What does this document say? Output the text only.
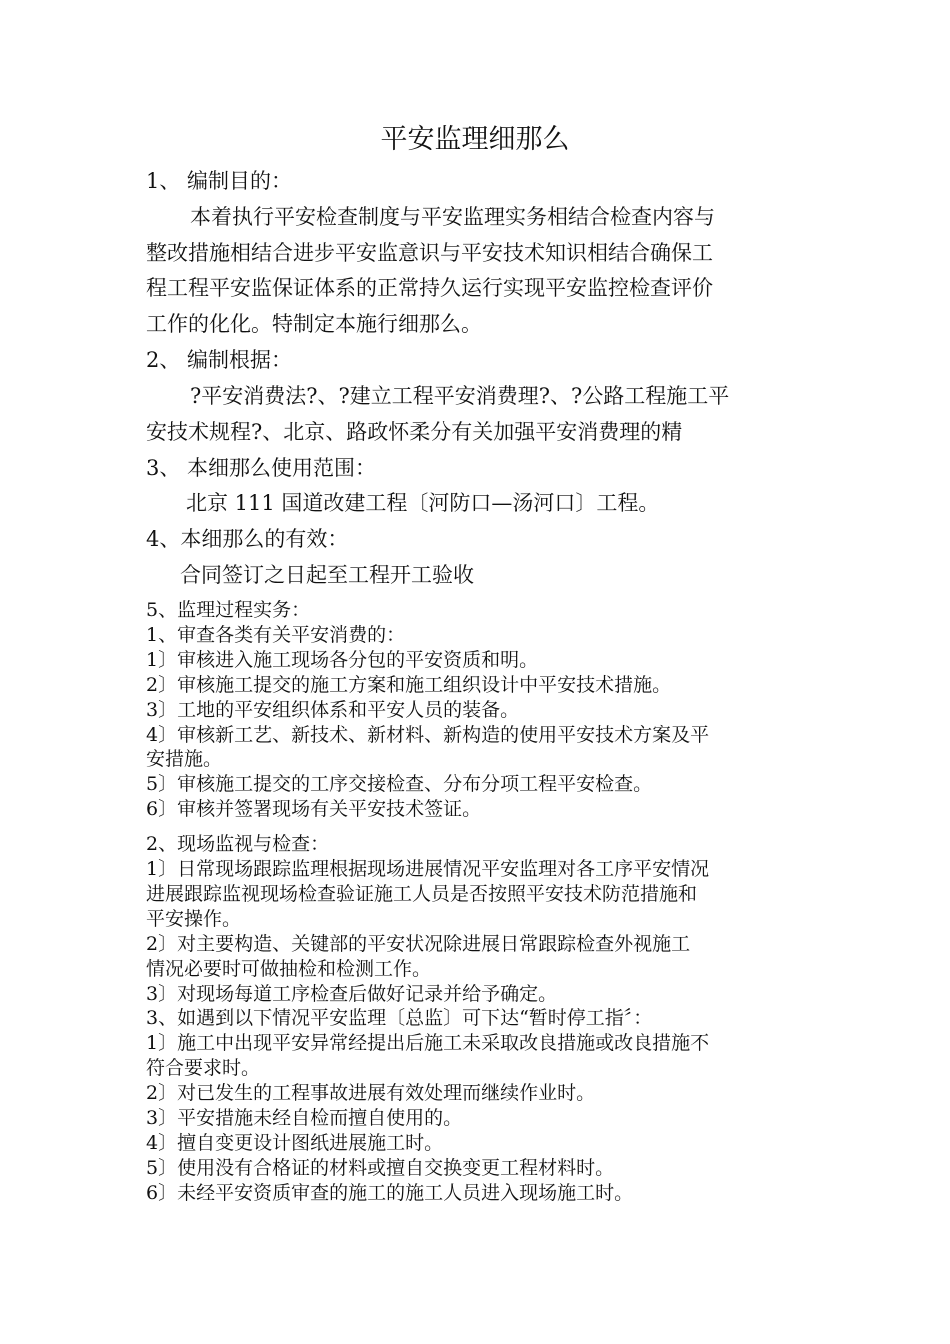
平安监理细那么
1、 编制目的：
本着执行平安检查制度与平安监理实务相结合检查内容与
整改措施相结合进步平安监意识与平安技术知识相结合确保工
程工程平安监保证体系的正常持久运行实现平安监控检查评价
工作的化化。特制定本施行细那么。
2、 编制根据：
?平安消费法?、?建立工程平安消费理?、?公路工程施工平
安技术规程?、北京、路政怀柔分有关加强平安消费理的精
3、 本细那么使用范围：
北京 111 国道改建工程〔河防口—汤河口〕工程。
4、本细那么的有效：
合同签订之日起至工程开工验收
5、监理过程实务：
1、审查各类有关平安消费的：
1〕审核进入施工现场各分包的平安资质和明。
2〕审核施工提交的施工方案和施工组织设计中平安技术措施。
3〕工地的平安组织体系和平安人员的装备。
4〕审核新工艺、新技术、新材料、新构造的使用平安技术方案及平
安措施。
5〕审核施工提交的工序交接检查、分布分项工程平安检查。
6〕审核并签署现场有关平安技术签证。
2、现场监视与检查：
1〕日常现场跟踪监理根据现场进展情况平安监理对各工序平安情况
进展跟踪监视现场检查验证施工人员是否按照平安技术防范措施和
平安操作。
2〕对主要构造、关键部的平安状况除进展日常跟踪检查外视施工
情况必要时可做抽检和检测工作。
3〕对现场每道工序检查后做好记录并给予确定。
3、如遇到以下情况平安监理〔总监〕可下达“暂时停工指〞：
1〕施工中出现平安异常经提出后施工未采取改良措施或改良措施不
符合要求时。
2〕对已发生的工程事故进展有效处理而继续作业时。
3〕平安措施未经自检而擅自使用的。
4〕擅自变更设计图纸进展施工时。
5〕使用没有合格证的材料或擅自交换变更工程材料时。
6〕未经平安资质审查的施工的施工人员进入现场施工时。
